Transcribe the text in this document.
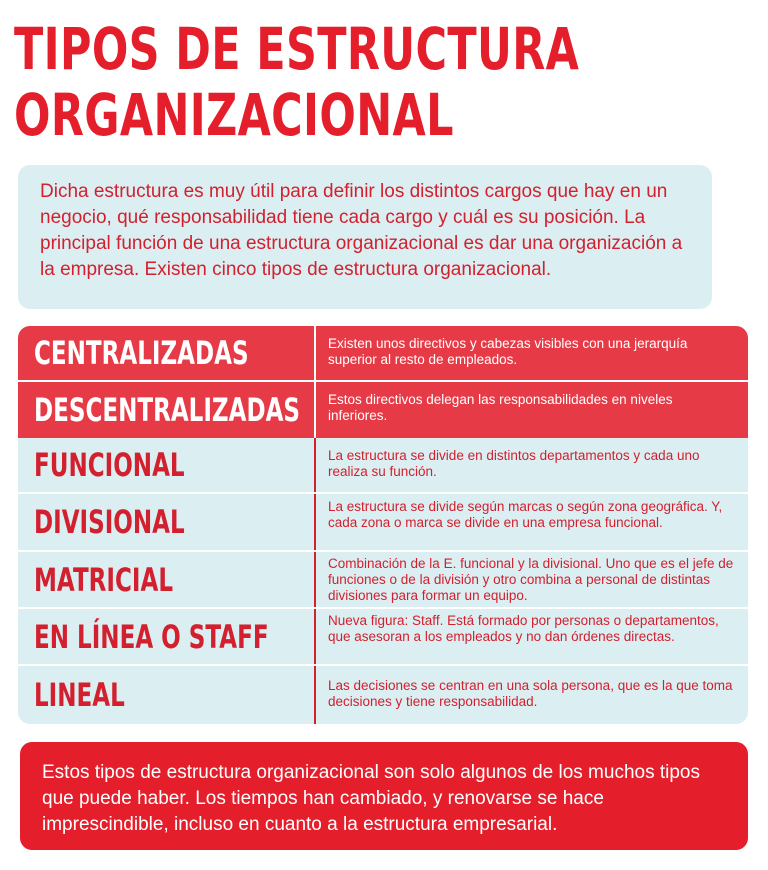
TIPOS DE ESTRUCTURA
ORGANIZACIONAL
Dicha estructura es muy útil para definir los distintos cargos que hay en un negocio, qué responsabilidad tiene cada cargo y cuál es su posición. La principal función de una estructura organizacional es dar una organización a la empresa. Existen cinco tipos de estructura organizacional.
CENTRALIZADAS	Existen unos directivos y cabezas visibles con una jerarquía superior al resto de empleados.
DESCENTRALIZADAS	Estos directivos delegan las responsabilidades en niveles inferiores.
FUNCIONAL	La estructura se divide en distintos departamentos y cada uno realiza su función.
DIVISIONAL	La estructura se divide según marcas o según zona geográfica. Y, cada zona o marca se divide en una empresa funcional.
MATRICIAL	Combinación de la E. funcional y la divisional. Uno que es el jefe de funciones o de la división y otro combina a personal de distintas divisiones para formar un equipo.
EN LÍNEA O STAFF	Nueva figura: Staff. Está formado por personas o departamentos, que asesoran a los empleados y no dan órdenes directas.
LINEAL	Las decisiones se centran en una sola persona, que es la que toma decisiones y tiene responsabilidad.
Estos tipos de estructura organizacional son solo algunos de los muchos tipos que puede haber. Los tiempos han cambiado, y renovarse se hace imprescindible, incluso en cuanto a la estructura empresarial.
